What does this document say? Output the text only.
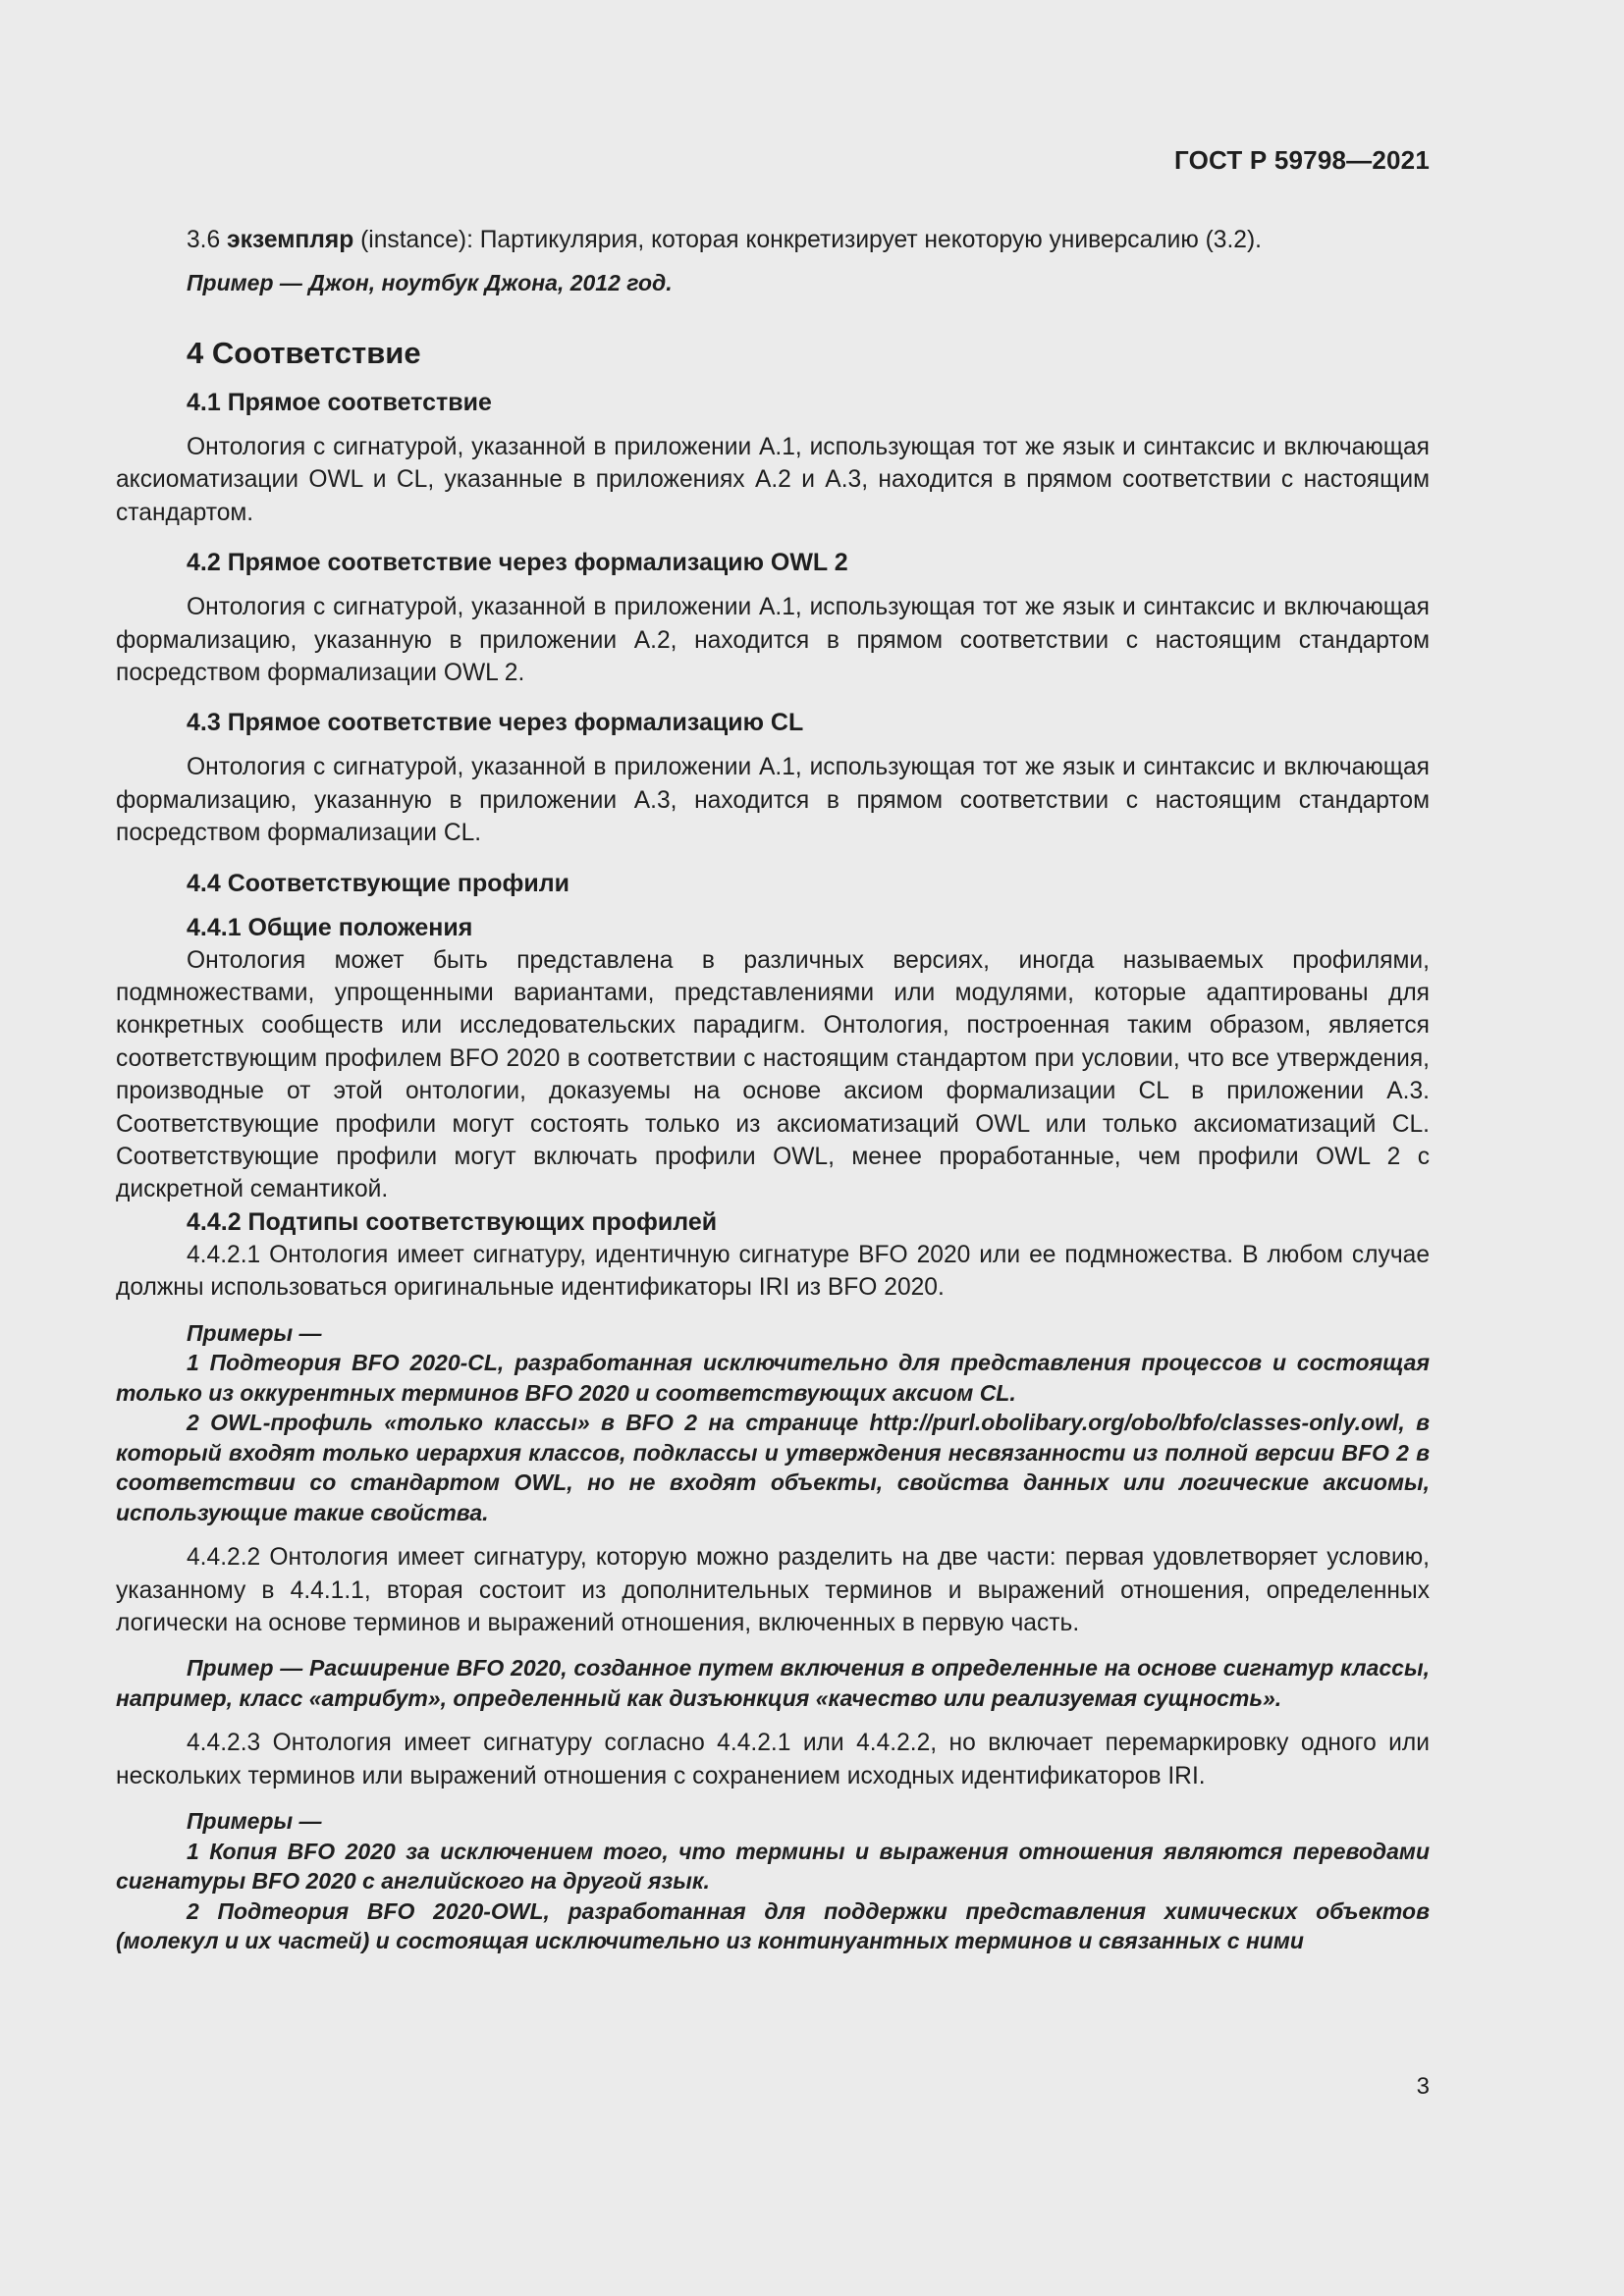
ГОСТ Р 59798—2021

3.6 экземпляр (instance): Партикулярия, которая конкретизирует некоторую универсалию (3.2).

Пример — Джон, ноутбук Джона, 2012 год.

4 Соответствие
4.1 Прямое соответствие

Онтология с сигнатурой, указанной в приложении А.1, использующая тот же язык и синтаксис и включающая аксиоматизации OWL и CL, указанные в приложениях А.2 и А.3, находится в прямом соответствии с настоящим стандартом.

4.2 Прямое соответствие через формализацию OWL 2

Онтология с сигнатурой, указанной в приложении А.1, использующая тот же язык и синтаксис и включающая формализацию, указанную в приложении А.2, находится в прямом соответствии с настоящим стандартом посредством формализации OWL 2.

4.3 Прямое соответствие через формализацию CL

Онтология с сигнатурой, указанной в приложении А.1, использующая тот же язык и синтаксис и включающая формализацию, указанную в приложении А.3, находится в прямом соответствии с настоящим стандартом посредством формализации CL.

4.4 Соответствующие профили
4.4.1 Общие положения

Онтология может быть представлена в различных версиях, иногда называемых профилями, подмножествами, упрощенными вариантами, представлениями или модулями, которые адаптированы для конкретных сообществ или исследовательских парадигм. Онтология, построенная таким образом, является соответствующим профилем BFO 2020 в соответствии с настоящим стандартом при условии, что все утверждения, производные от этой онтологии, доказуемы на основе аксиом формализации CL в приложении А.3. Соответствующие профили могут состоять только из аксиоматизаций OWL или только аксиоматизаций CL. Соответствующие профили могут включать профили OWL, менее проработанные, чем профили OWL 2 с дискретной семантикой.

4.4.2 Подтипы соответствующих профилей

4.4.2.1 Онтология имеет сигнатуру, идентичную сигнатуре BFO 2020 или ее подмножества. В любом случае должны использоваться оригинальные идентификаторы IRI из BFO 2020.

Примеры —

1 Подтеория BFO 2020-CL, разработанная исключительно для представления процессов и состоящая только из оккурентных терминов BFO 2020 и соответствующих аксиом CL.

2 OWL-профиль «только классы» в BFO 2 на странице http://purl.obolibary.org/obo/bfo/classes-only.owl, в который входят только иерархия классов, подклассы и утверждения несвязанности из полной версии BFO 2 в соответствии со стандартом OWL, но не входят объекты, свойства данных или логические аксиомы, использующие такие свойства.

4.4.2.2 Онтология имеет сигнатуру, которую можно разделить на две части: первая удовлетворяет условию, указанному в 4.4.1.1, вторая состоит из дополнительных терминов и выражений отношения, определенных логически на основе терминов и выражений отношения, включенных в первую часть.

Пример — Расширение BFO 2020, созданное путем включения в определенные на основе сигнатур классы, например, класс «атрибут», определенный как дизъюнкция «качество или реализуемая сущность».

4.4.2.3 Онтология имеет сигнатуру согласно 4.4.2.1 или 4.4.2.2, но включает перемаркировку одного или нескольких терминов или выражений отношения с сохранением исходных идентификаторов IRI.

Примеры —

1 Копия BFO 2020 за исключением того, что термины и выражения отношения являются переводами сигнатуры BFO 2020 с английского на другой язык.

2 Подтеория BFO 2020-OWL, разработанная для поддержки представления химических объектов (молекул и их частей) и состоящая исключительно из континуантных терминов и связанных с ними

3
